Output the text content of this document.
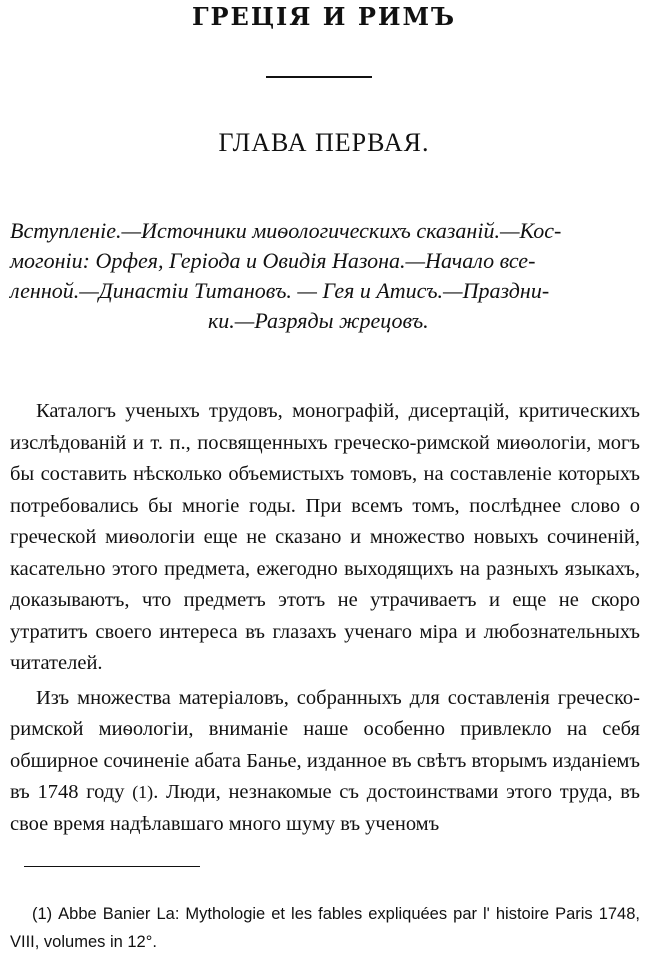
ГРЕЦІЯ И РИМЪ
ГЛАВА ПЕРВАЯ.
Вступленіе.—Источники миѳологическихъ сказаній.—Кос-
могоніи: Орфея, Геріода и Овидія Назона.—Начало все-
ленной.—Династіи Титановъ. — Гея и Атисъ.—Праздни-
ки.—Разряды жрецовъ.

Каталогъ ученыхъ трудовъ, монографій, дисертацій, критическихъ изслѣдованій и т. п., посвященныхъ греческо-римской миѳологіи, могъ бы составить нѣсколько объемистыхъ томовъ, на составленіе которыхъ потребовались бы многіе годы. При всемъ томъ, послѣднее слово о греческой миѳологіи еще не сказано и множество новыхъ сочиненій, касательно этого предмета, ежегодно выходящихъ на разныхъ языкахъ, доказываютъ, что предметъ этотъ не утрачиваетъ и еще не скоро утратитъ своего интереса въ глазахъ ученаго міра и любознательныхъ читателей.

Изъ множества матеріаловъ, собранныхъ для составленія греческо-римской миѳологіи, вниманіе наше особенно привлекло на себя обширное сочиненіе абата Банье, изданное въ свѣтъ вторымъ изданіемъ въ 1748 году (1). Люди, незнакомые съ достоинствами этого труда, въ свое время надѣлавшаго много шуму въ ученомъ

(1) Abbe Banier La: Mythologie et les fables expliquées par l' histoire Paris 1748, VIII, volumes in 12°.
